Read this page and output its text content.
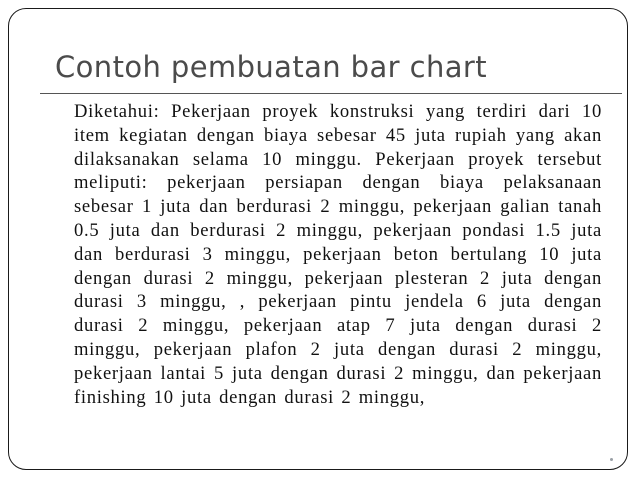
Contoh pembuatan bar chart

Diketahui: Pekerjaan proyek konstruksi yang terdiri dari 10 item kegiatan dengan biaya sebesar 45 juta rupiah yang akan dilaksanakan selama 10 minggu. Pekerjaan proyek tersebut meliputi: pekerjaan persiapan dengan biaya pelaksanaan sebesar 1 juta dan berdurasi 2 minggu, pekerjaan galian tanah 0.5 juta dan berdurasi 2 minggu, pekerjaan pondasi 1.5 juta dan berdurasi 3 minggu, pekerjaan beton bertulang 10 juta dengan durasi 2 minggu, pekerjaan plesteran 2 juta dengan durasi 3 minggu, , pekerjaan pintu jendela 6 juta dengan durasi 2 minggu, pekerjaan atap 7 juta dengan durasi 2 minggu, pekerjaan plafon 2 juta dengan durasi 2 minggu, pekerjaan lantai 5 juta dengan durasi 2 minggu, dan pekerjaan finishing 10 juta dengan durasi 2 minggu,
